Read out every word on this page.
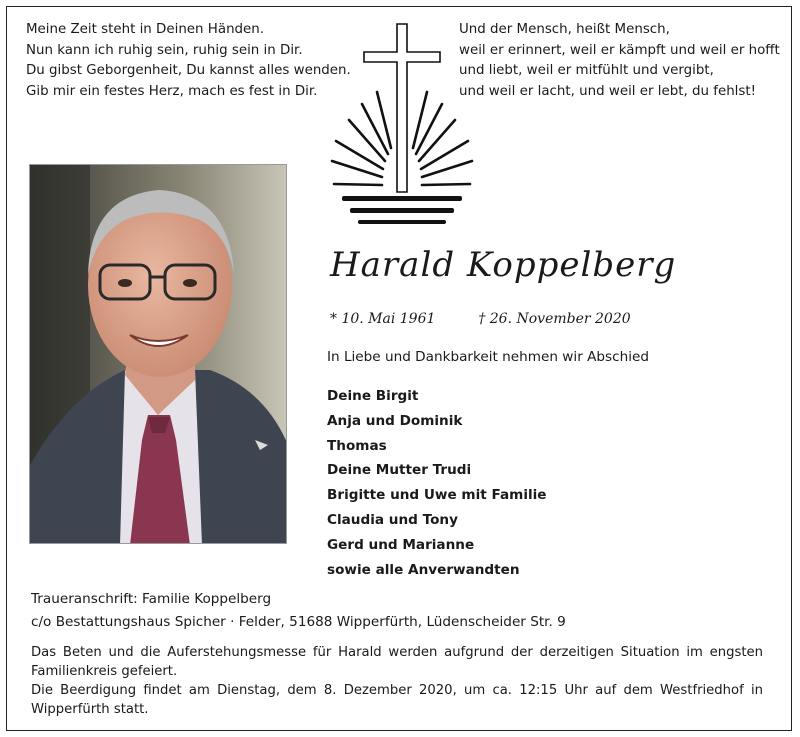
Meine Zeit steht in Deinen Händen.
Nun kann ich ruhig sein, ruhig sein in Dir.
Du gibst Geborgenheit, Du kannst alles wenden.
Gib mir ein festes Herz, mach es fest in Dir.
Und der Mensch, heißt Mensch,
weil er erinnert, weil er kämpft und weil er hofft
und liebt, weil er mitfühlt und vergibt,
und weil er lacht, und weil er lebt, du fehlst!
Harald Koppelberg
* 10. Mai 1961	† 26. November 2020
In Liebe und Dankbarkeit nehmen wir Abschied
Deine Birgit
Anja und Dominik
Thomas
Deine Mutter Trudi
Brigitte und Uwe mit Familie
Claudia und Tony
Gerd und Marianne
sowie alle Anverwandten
Traueranschrift: Familie Koppelberg
c/o Bestattungshaus Spicher · Felder, 51688 Wipperfürth, Lüdenscheider Str. 9

Das Beten und die Auferstehungsmesse für Harald werden aufgrund der derzeitigen Situation im engsten Familienkreis gefeiert.

Die Beerdigung findet am Dienstag, dem 8. Dezember 2020, um ca. 12:15 Uhr auf dem Westfriedhof in Wipperfürth statt.
